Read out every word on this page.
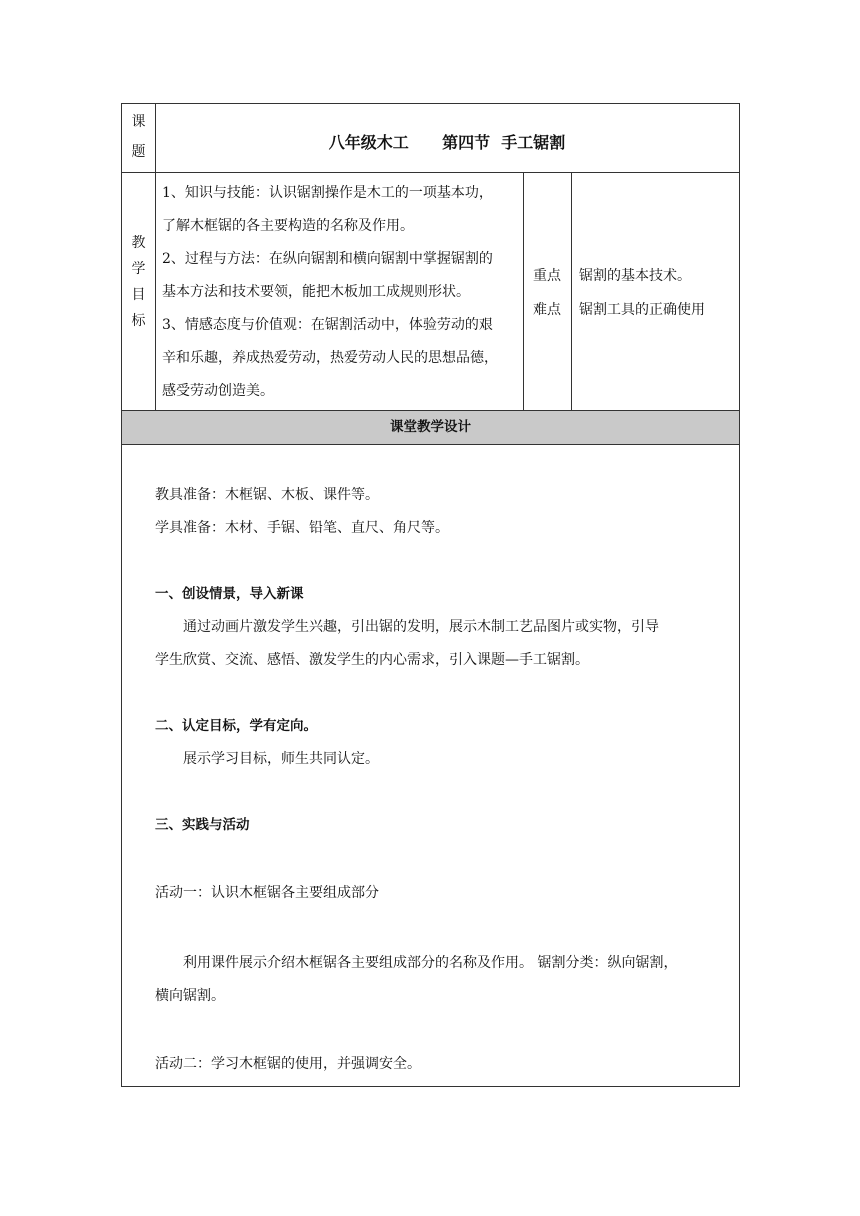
课
题	八年级木工      第四节  手工锯割
教
学
目
标
1、知识与技能：认识锯割操作是木工的一项基本功，
了解木框锯的各主要构造的名称及作用。
2、过程与方法：在纵向锯割和横向锯割中掌握锯割的
基本方法和技术要领，能把木板加工成规则形状。
3、情感态度与价值观：在锯割活动中，体验劳动的艰
辛和乐趣，养成热爱劳动，热爱劳动人民的思想品德，
感受劳动创造美。
重点
难点
锯割的基本技术。
锯割工具的正确使用
课堂教学设计
教具准备：木框锯、木板、课件等。
学具准备：木材、手锯、铅笔、直尺、角尺等。
一、创设情景，导入新课
通过动画片激发学生兴趣，引出锯的发明，展示木制工艺品图片或实物，引导
学生欣赏、交流、感悟、激发学生的内心需求，引入课题—手工锯割。
二、认定目标，学有定向。
展示学习目标，师生共同认定。
三、实践与活动
活动一：认识木框锯各主要组成部分
利用课件展示介绍木框锯各主要组成部分的名称及作用。 锯割分类：纵向锯割，
横向锯割。
活动二：学习木框锯的使用，并强调安全。
